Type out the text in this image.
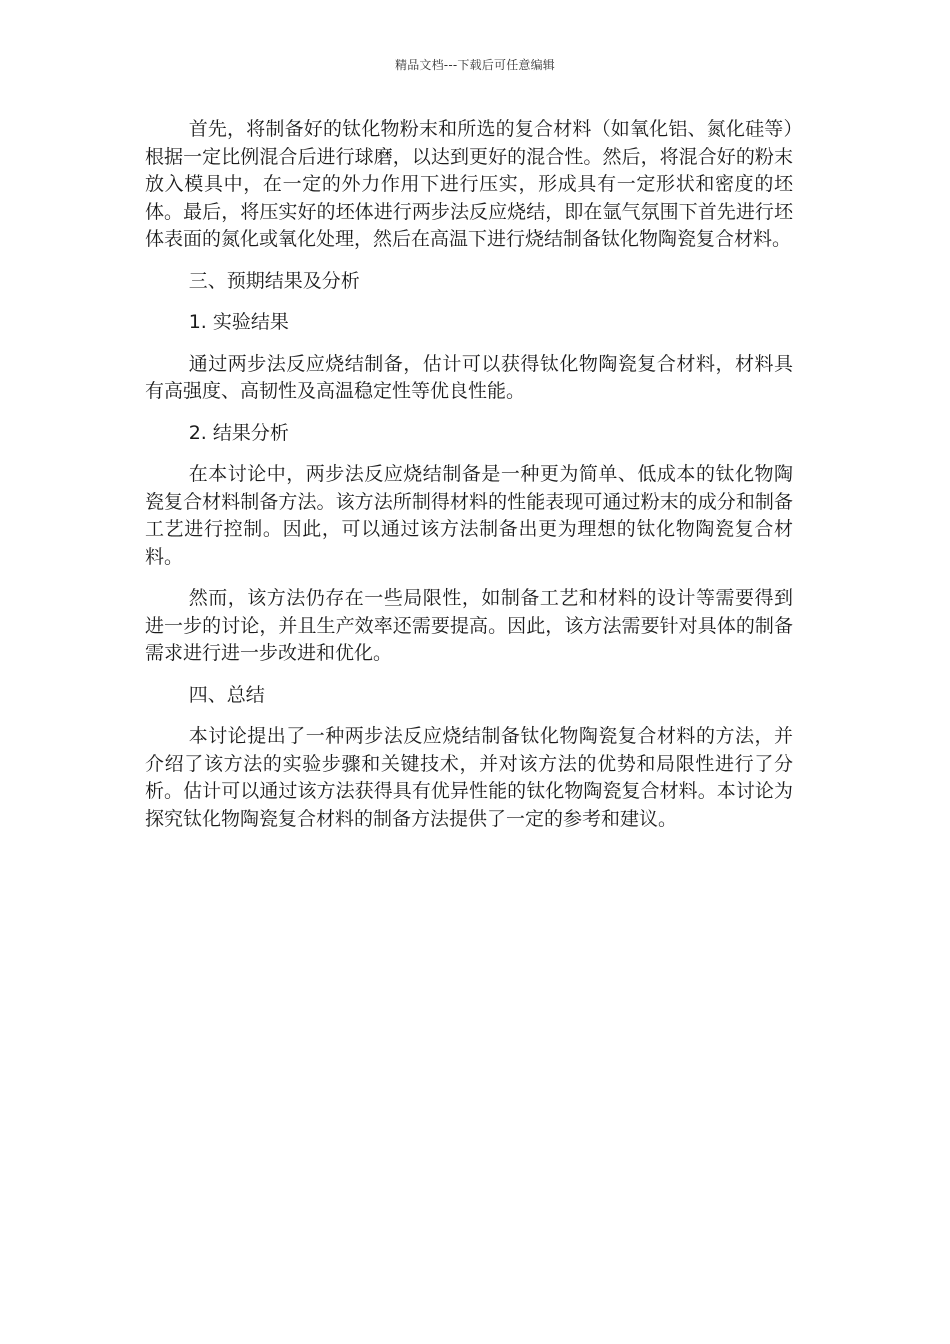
精品文档---下载后可任意编辑

首先，将制备好的钛化物粉末和所选的复合材料（如氧化铝、氮化硅等）根据一定比例混合后进行球磨，以达到更好的混合性。然后，将混合好的粉末放入模具中，在一定的外力作用下进行压实，形成具有一定形状和密度的坯体。最后，将压实好的坯体进行两步法反应烧结，即在氩气氛围下首先进行坯体表面的氮化或氧化处理，然后在高温下进行烧结制备钛化物陶瓷复合材料。

三、预期结果及分析

1. 实验结果

通过两步法反应烧结制备，估计可以获得钛化物陶瓷复合材料，材料具有高强度、高韧性及高温稳定性等优良性能。

2. 结果分析

在本讨论中，两步法反应烧结制备是一种更为简单、低成本的钛化物陶瓷复合材料制备方法。该方法所制得材料的性能表现可通过粉末的成分和制备工艺进行控制。因此，可以通过该方法制备出更为理想的钛化物陶瓷复合材料。

然而，该方法仍存在一些局限性，如制备工艺和材料的设计等需要得到进一步的讨论，并且生产效率还需要提高。因此，该方法需要针对具体的制备需求进行进一步改进和优化。

四、总结

本讨论提出了一种两步法反应烧结制备钛化物陶瓷复合材料的方法，并介绍了该方法的实验步骤和关键技术，并对该方法的优势和局限性进行了分析。估计可以通过该方法获得具有优异性能的钛化物陶瓷复合材料。本讨论为探究钛化物陶瓷复合材料的制备方法提供了一定的参考和建议。
